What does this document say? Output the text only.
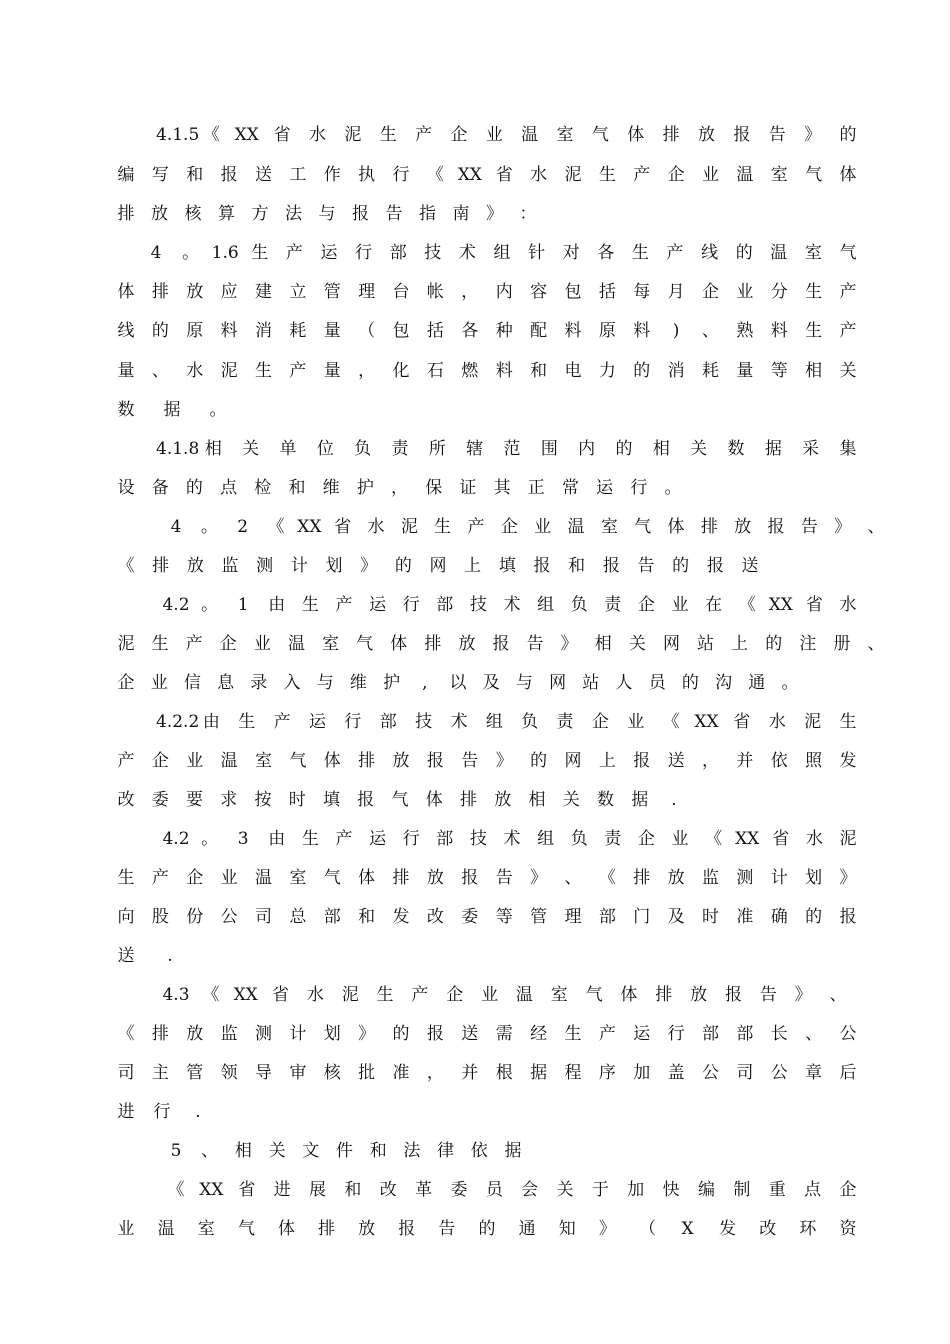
4.1.5 《 XX 省	水	泥	生	产	企	业	温	室	气	体	排	放	报	告	》	的
编	写	和	报	送	工	作	执	行	《 XX 省	水	泥	生	产	企	业	温	室	气	体
排 放 核 算 方 法 与 报 告 指 南 》 ：
4	。 1.6 生	产	运	行	部	技	术	组	针	对	各	生	产	线	的	温	室	气
体	排	放	应	建	立	管	理	台	帐	，	内	容	包	括	每	月	企	业	分	生	产
线	的	原	料	消	耗	量	（	包	括	各	种	配	料	原	料	)	、	熟	料	生	产
量	、	水	泥	生	产	量	，	化	石	燃	料	和	电	力	的	消	耗	量	等	相	关
数	据	。
4.1.8 相	关	单	位	负	责	所	辖	范	围	内	的	相	关	数	据	采	集
设	备	的	点	检	和	维	护	，	保	证	其	正	常	运	行	。
4	。	2	《 XX 省 水 泥 生 产 企 业 温 室 气 体 排 放 报 告 》 、
《	排	放	监	测	计	划	》	的	网	上	填	报	和	报	告	的	报	送
4.2 。	1	由 生 产 运 行 部 技 术 组 负 责 企 业 在 《 XX 省 水
泥	生	产	企	业	温	室	气	体	排	放	报	告	》	相	关	网	站	上	的	注	册	、
企 业 信 息 录 入 与 维 护	,	以 及 与 网 站 人 员 的 沟 通 。
4.2.2 由	生	产	运	行	部	技	术	组	负	责	企	业	《 XX 省	水	泥	生
产	企	业	温	室	气	体	排	放	报	告	》	的	网	上	报	送	，	并	依	照	发
改	委	要	求	按	时	填	报	气	体	排	放	相	关	数	据	.
4.2 。	3	由 生 产 运 行 部 技 术 组 负 责 企 业 《 XX 省 水 泥
生	产	企	业	温	室	气	体	排	放	报	告	》	、	《	排	放	监	测	计	划	》
向	股	份	公	司	总	部	和	发	改	委	等	管	理	部	门	及	时	准	确	的	报
送	.
4.3 《 XX 省	水	泥	生	产	企	业	温	室	气	体	排	放	报	告	》	、
《	排	放	监	测	计	划	》	的	报	送	需	经	生	产	运	行	部	部	长	、	公
司	主	管	领	导	审	核	批	准	，	并	根	据	程	序	加	盖	公	司	公	章	后
进	行	.
5	、 相 关 文 件 和 法 律 依 据
《 XX 省	进	展	和	改	革	委	员	会	关	于	加	快	编	制	重	点	企
业	温	室	气	体	排	放	报	告	的	通	知	》	（	X	发	改	环	资
